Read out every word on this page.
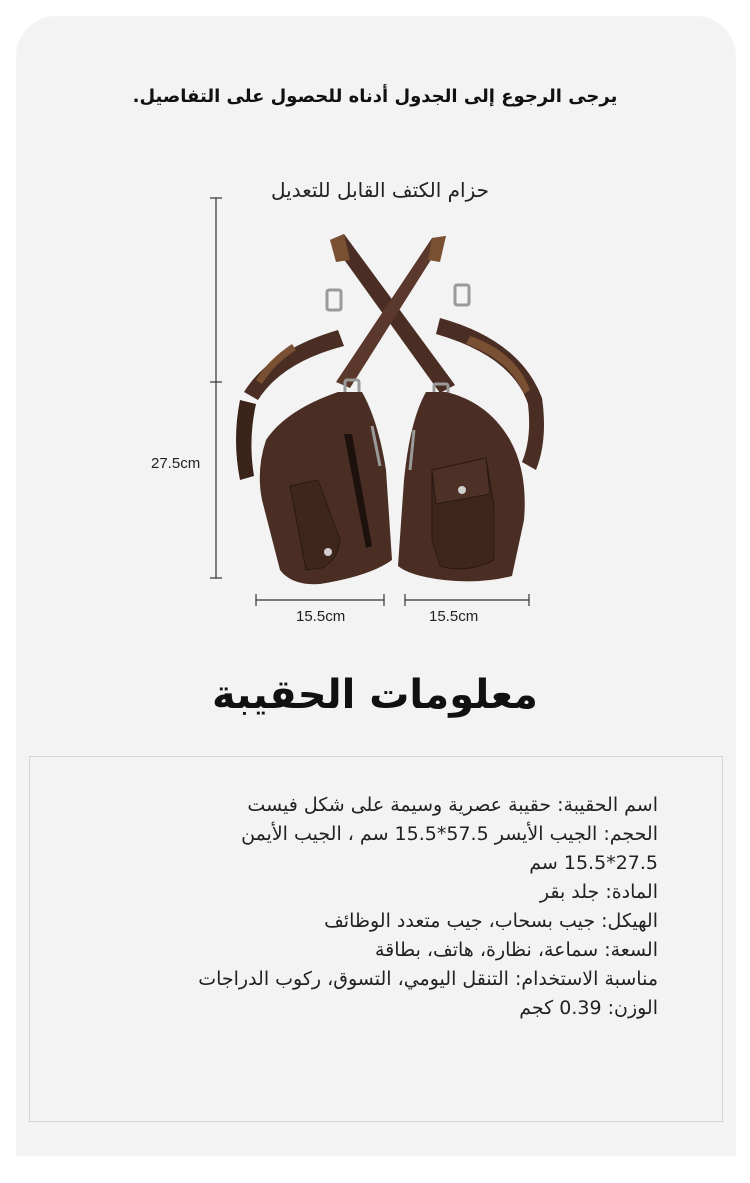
يرجى الرجوع إلى الجدول أدناه للحصول على التفاصيل.
حزام الكتف القابل للتعديل
27.5cm
15.5cm	15.5cm
معلومات الحقيبة
اسم الحقيبة: حقيبة عصرية وسيمة على شكل فيست
الحجم: الجيب الأيسر 57.5*15.5 سم ، الجيب الأيمن 27.5*15.5 سم
المادة: جلد بقر
الهيكل: جيب بسحاب، جيب متعدد الوظائف
السعة: سماعة، نظارة، هاتف، بطاقة
مناسبة الاستخدام: التنقل اليومي، التسوق، ركوب الدراجات
الوزن: 0.39 كجم
